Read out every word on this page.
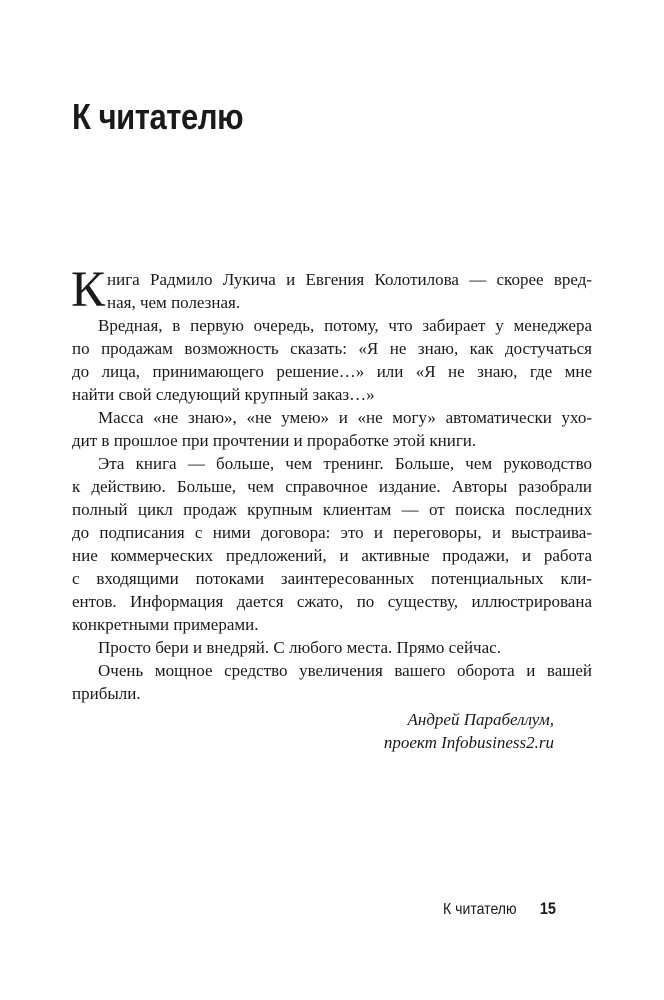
К читателю
К нига Радмило Лукича и Евгения Колотилова — скорее вред-
ная, чем полезная.
Вредная, в первую очередь, потому, что забирает у менеджера
по продажам возможность сказать: «Я не знаю, как достучаться
до лица, принимающего решение…» или «Я не знаю, где мне
найти свой следующий крупный заказ…»
Масса «не знаю», «не умею» и «не могу» автоматически ухо-
дит в прошлое при прочтении и проработке этой книги.
Эта книга — больше, чем тренинг. Больше, чем руководство
к действию. Больше, чем справочное издание. Авторы разобрали
полный цикл продаж крупным клиентам — от поиска последних
до подписания с ними договора: это и переговоры, и выстраива-
ние коммерческих предложений, и активные продажи, и работа
с входящими потоками заинтересованных потенциальных кли-
ентов. Информация дается сжато, по существу, иллюстрирована
конкретными примерами.
Просто бери и внедряй. С любого места. Прямо сейчас.
Очень мощное средство увеличения вашего оборота и вашей
прибыли.
Андрей Парабеллум,
проект Infobusiness2.ru
К читателю 15
